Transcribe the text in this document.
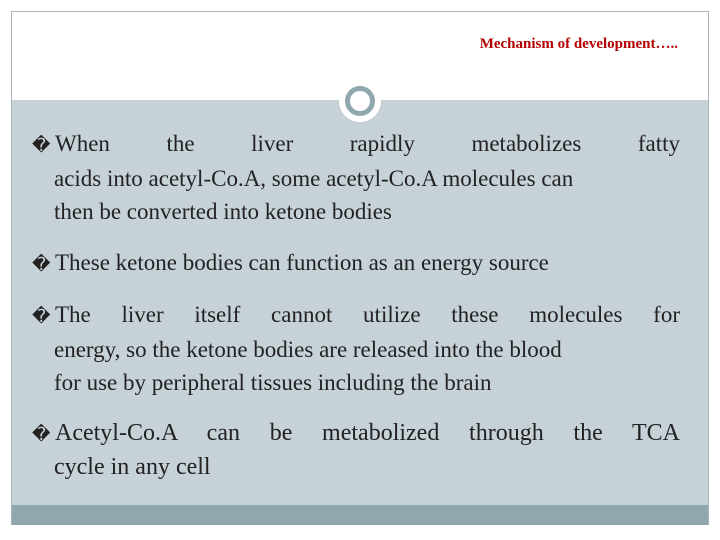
Mechanism of development…..
� When the liver rapidly metabolizes fatty
acids into acetyl-Co.A, some acetyl-Co.A molecules can
then be converted into ketone bodies
� These ketone bodies can function as an energy source
� The liver itself cannot utilize these molecules for
energy, so the ketone bodies are released into the blood
for use by peripheral tissues including the brain
� Acetyl-Co.A can be metabolized through the TCA
cycle in any cell
